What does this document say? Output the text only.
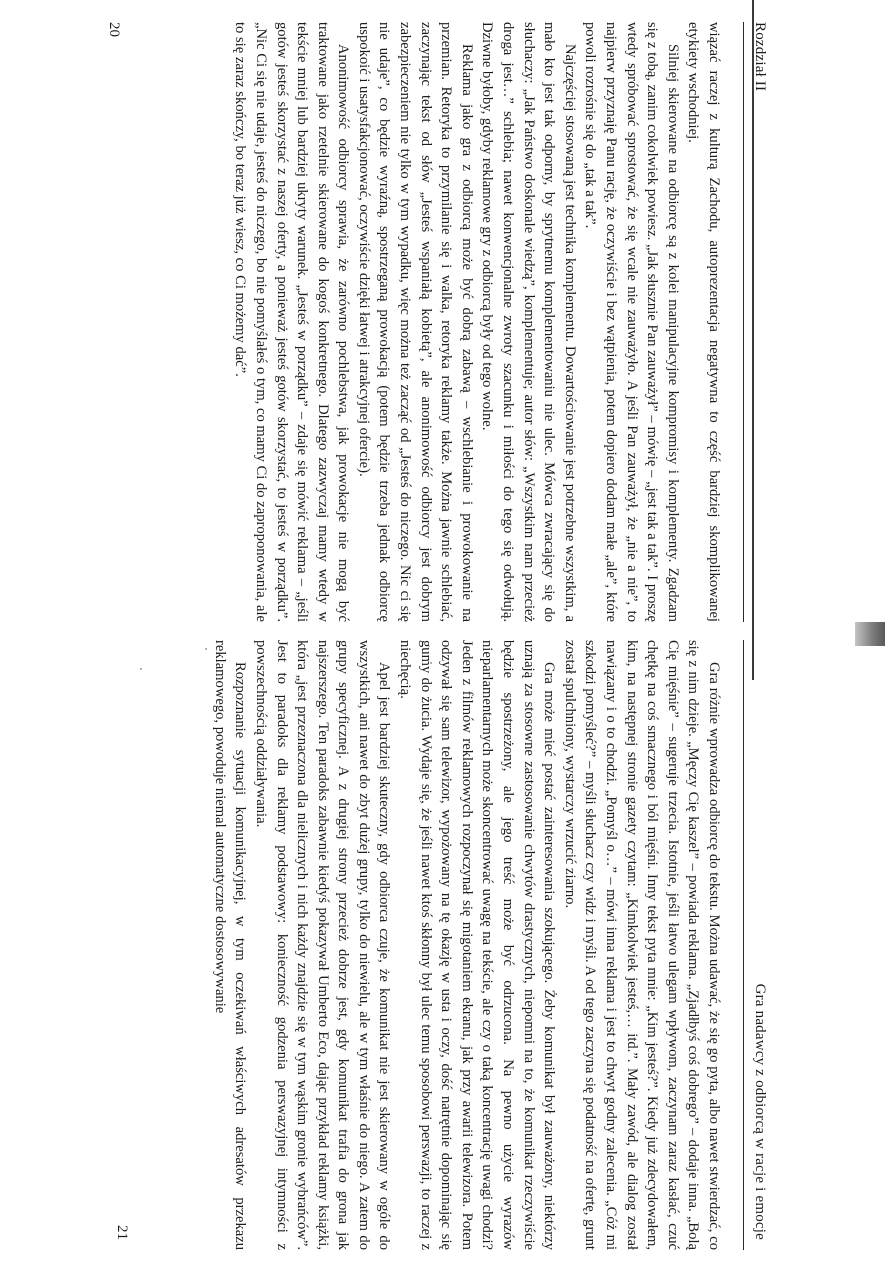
Rozdział II

wiązać raczej z kulturą Zachodu, autoprezentacja negatywna to część bardziej skomplikowanej etykiety wschodniej.

Silniej skierowane na odbiorcę są z kolei manipulacyjne kompromisy i komplementy. Zgadzam się z tobą, zanim cokolwiek powiesz. „Jak słusznie Pan zauważył” – mówię – „jest tak a tak”. I proszę wtedy spróbować sprostować, że się wcale nie zauważyło. A jeśli Pan zauważył, że „nie a nie”, to najpierw przyznaję Panu rację, że oczywiście i bez wątpienia, potem dopiero dodam małe „ale”, które powoli rozrośnie się do „tak a tak”.

Najczęściej stosowaną jest technika komplementu. Dowartościowanie jest potrzebne wszystkim, a mało kto jest tak odporny, by sprytnemu komplementowaniu nie ulec. Mówca zwracający się do słuchaczy: „Jak Państwo doskonale wiedzą”, komplementuje; autor słów: „Wszystkim nam przecież droga jest…” schlebia; nawet konwencjonalne zwroty szacunku i miłości do tego się odwołują. Dziwne byłoby, gdyby reklamowe gry z odbiorcą były od tego wolne.

Reklama jako gra z odbiorcą może być dobrą zabawą – wschlebianie i prowokowanie na przemian. Retoryka to przymilanie się i walka, retoryka reklamy także. Można jawnie schlebiać, zaczynając tekst od słów „Jesteś wspaniałą kobietą”, ale anonimowość odbiorcy jest dobrym zabezpieczeniem nie tylko w tym wypadku, więc można też zacząć od „Jesteś do niczego. Nic ci się nie udaje”, co będzie wyraźną, spostrzeganą prowokacją (potem będzie trzeba jednak odbiorcę uspokoić i usatysfakcjonować, oczywiście dzięki łatwej i atrakcyjnej ofercie).

Anonimowość odbiorcy sprawia, że zarówno pochlebstwa, jak prowokacje nie mogą być traktowane jako rzetelnie skierowane do kogoś konkretnego. Dlatego zazwyczaj mamy wtedy w tekście mniej lub bardziej ukryty warunek. „Jesteś w porządku” – zdaje się mówić reklama – „jeśli gotów jesteś skorzystać z naszej oferty, a ponieważ jesteś gotów skorzystać, to jesteś w porządku”. „Nic Ci się nie udaje, jesteś do niczego, bo nie pomyślałeś o tym, co mamy Ci do zaproponowania, ale to się zaraz skończy, bo teraz już wiesz, co Ci możemy dać”.

20
Gra nadawcy z odbiorcą w racje i emocje

Gra różnie wprowadza odbiorcę do tekstu. Można udawać, że się go pyta, albo nawet stwierdzać, co się z nim dzieje. „Męczy Cię kaszel” – powiada reklama. „Zjadłbyś coś dobrego” – dodaje inna. „Bolą Cię mięśnie” – sugeruje trzecia. Istotnie, jeśli łatwo ulegam wpływom, zaczynam zaraz kasłać, czuć chętkę na coś smacznego i ból mięśni. Inny tekst pyta mnie: „Kim jesteś?”. Kiedy już zdecydowałem, kim, na następnej stronie gazety czytam: „Kimkolwiek jesteś,… itd.”. Mały zawód, ale dialog został nawiązany i o to chodzi. „Pomyśl o…” – mówi inna reklama i jest to chwyt godny zalecenia. „Cóż mi szkodzi pomyśleć?” – myśli słuchacz czy widz i myśli. A od tego zaczyna się podatność na ofertę, grunt został spulchniony, wystarczy wrzucić ziarno.

Gra może mieć postać zainteresowania szokującego. Żeby komunikat był zauważony, niektórzy uznają za stosowne zastosowanie chwytów drastycznych, niepomni na to, że komunikat rzeczywiście będzie spostrzeżony, ale jego treść może być odrzucona. Na pewno użycie wyrazów nieparlamentarnych może skoncentrować uwagę na tekście, ale czy o taką koncentrację uwagi chodzi? Jeden z filmów reklamowych rozpoczynał się migotaniem ekranu, jak przy awarii telewizora. Potem odzywał się sam telewizor, wypożowany na tę okazję w usta i oczy, dość natrętnie dopominając się gumy do żucia. Wydaje się, że jeśli nawet ktoś skłonny był ulec temu sposobowi perswazji, to raczej z niechęcią.

Apel jest bardziej skuteczny, gdy odbiorca czuje, że komunikat nie jest skierowany w ogóle do wszystkich, ani nawet do zbyt dużej grupy, tylko do niewielu, ale w tym właśnie do niego. A zatem do grupy specyficznej. A z drugiej strony przecież dobrze jest, gdy komunikat trafia do grona jak najszerszego. Ten paradoks zabawnie kiedyś pokazywał Umberto Eco, dając przykład reklamy książki, która „jest przeznaczona dla nielicznych i nich każdy znajdzie się w tym wąskim gronie wybrańców”. Jest to paradoks dla reklamy podstawowy: konieczność godzenia perswazyjnej intymności z powszechnością oddziaływania.

Rozpoznanie sytuacji komunikacyjnej, w tym oczekiwań właściwych adresatów przekazu reklamowego, powoduje niemal automatyczne dostosowywanie

21
